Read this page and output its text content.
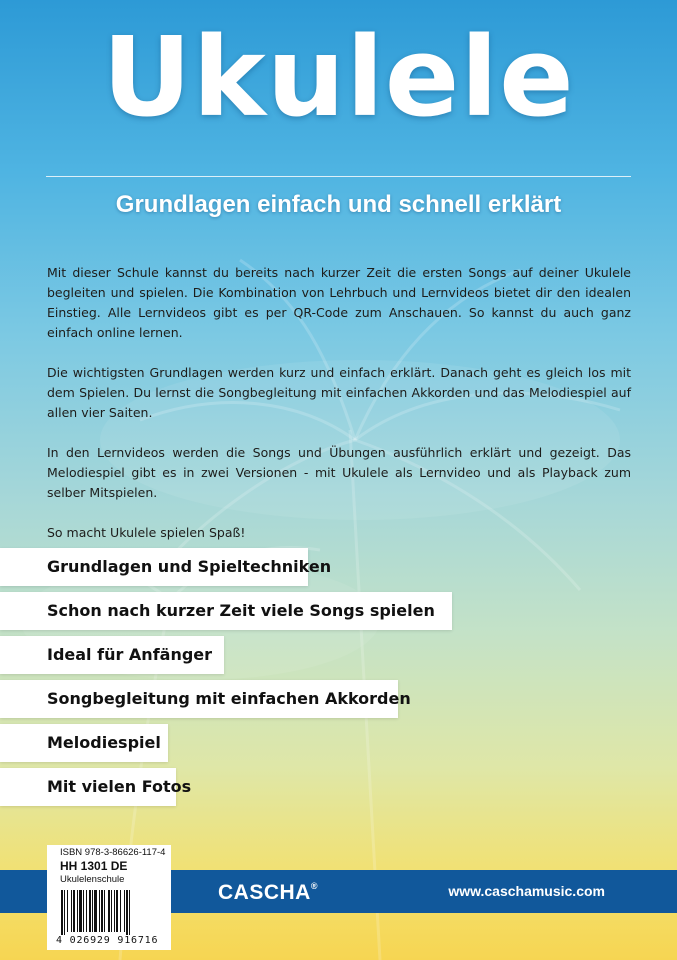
Ukulele
Grundlagen einfach und schnell erklärt

Mit dieser Schule kannst du bereits nach kurzer Zeit die ersten Songs auf deiner Ukulele begleiten und spielen. Die Kombination von Lehrbuch und Lernvideos bietet dir den idealen Einstieg. Alle Lernvideos gibt es per QR-Code zum Anschauen. So kannst du auch ganz einfach online lernen.

Die wichtigsten Grundlagen werden kurz und einfach erklärt. Danach geht es gleich los mit dem Spielen. Du lernst die Songbegleitung mit einfachen Akkorden und das Melodiespiel auf allen vier Saiten.

In den Lernvideos werden die Songs und Übungen ausführlich erklärt und gezeigt. Das Melodiespiel gibt es in zwei Versionen - mit Ukulele als Lernvideo und als Playback zum selber Mitspielen.

So macht Ukulele spielen Spaß!

Grundlagen und Spieltechniken
Schon nach kurzer Zeit viele Songs spielen
Ideal für Anfänger
Songbegleitung mit einfachen Akkorden
Melodiespiel
Mit vielen Fotos
CASCHA®	www.caschamusic.com
ISBN 978-3-86626-117-4
HH 1301 DE
Ukulelenschule
4 026929 916716
